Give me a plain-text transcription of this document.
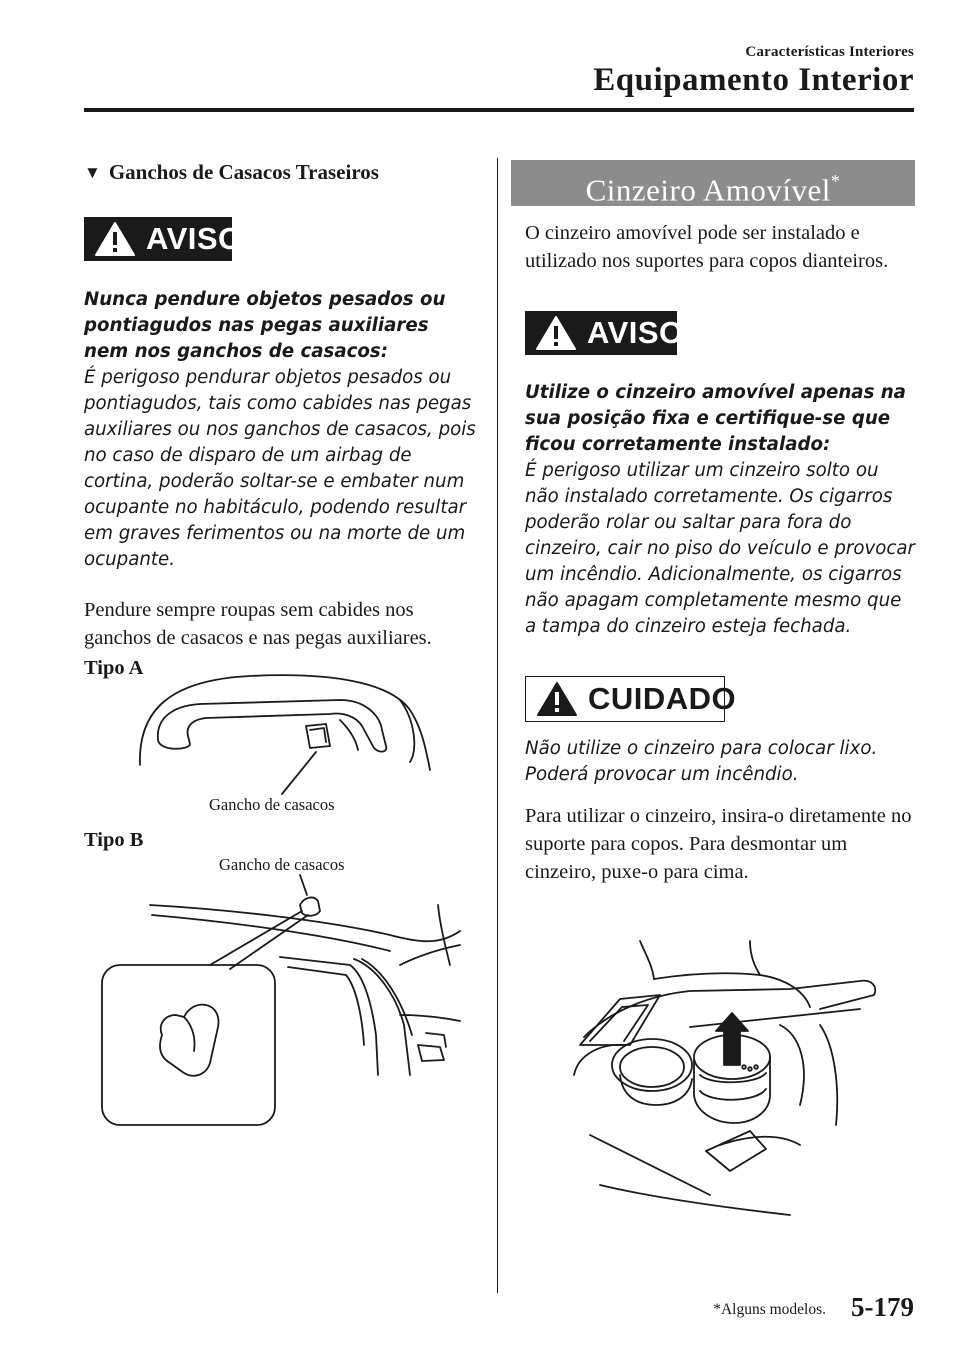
Características Interiores
Equipamento Interior
▼ Ganchos de Casacos Traseiros
AVISO
Nunca pendure objetos pesados ou pontiagudos nas pegas auxiliares nem nos ganchos de casacos:
É perigoso pendurar objetos pesados ou pontiagudos, tais como cabides nas pegas auxiliares ou nos ganchos de casacos, pois no caso de disparo de um airbag de cortina, poderão soltar-se e embater num ocupante no habitáculo, podendo resultar em graves ferimentos ou na morte de um ocupante.
Pendure sempre roupas sem cabides nos ganchos de casacos e nas pegas auxiliares.
Tipo A
Gancho de casacos
Tipo B
Gancho de casacos
Cinzeiro Amovível*
O cinzeiro amovível pode ser instalado e utilizado nos suportes para copos dianteiros.
AVISO
Utilize o cinzeiro amovível apenas na sua posição fixa e certifique-se que ficou corretamente instalado:
É perigoso utilizar um cinzeiro solto ou não instalado corretamente. Os cigarros poderão rolar ou saltar para fora do cinzeiro, cair no piso do veículo e provocar um incêndio. Adicionalmente, os cigarros não apagam completamente mesmo que a tampa do cinzeiro esteja fechada.
CUIDADO
Não utilize o cinzeiro para colocar lixo. Poderá provocar um incêndio.
Para utilizar o cinzeiro, insira-o diretamente no suporte para copos. Para desmontar um cinzeiro, puxe-o para cima.
*Alguns modelos. 5-179
